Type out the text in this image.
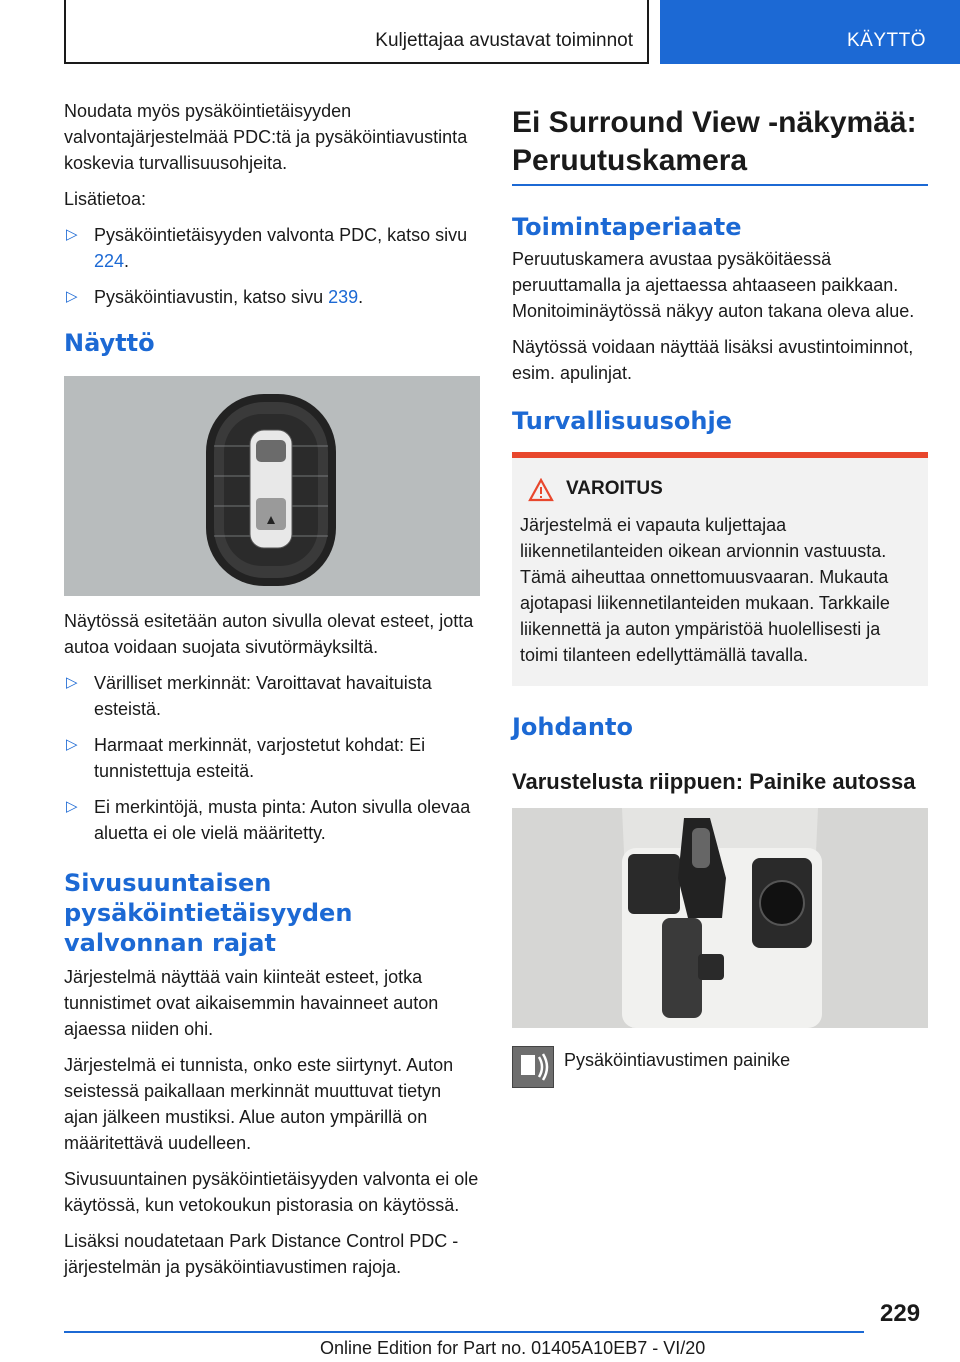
Kuljettajaa avustavat toiminnot	KÄYTTÖ

Noudata myös pysäköintietäisyyden valvontajärjestelmää PDC:tä ja pysäköintiavustinta koskevia turvallisuusohjeita.

Lisätietoa:

▷ Pysäköintietäisyyden valvonta PDC, katso sivu 224.
▷ Pysäköintiavustin, katso sivu 239.
Näyttö

Näytössä esitetään auton sivulla olevat esteet, jotta autoa voidaan suojata sivutörmäyksiltä.

▷ Värilliset merkinnät: Varoittavat havaituista esteistä.
▷ Harmaat merkinnät, varjostetut kohdat: Ei tunnistettuja esteitä.
▷ Ei merkintöjä, musta pinta: Auton sivulla olevaa aluetta ei ole vielä määritetty.
Sivusuuntaisen pysäköintietäisyyden valvonnan rajat

Järjestelmä näyttää vain kiinteät esteet, jotka tunnistimet ovat aikaisemmin havainneet auton ajaessa niiden ohi.

Järjestelmä ei tunnista, onko este siirtynyt. Auton seistessä paikallaan merkinnät muuttuvat tietyn ajan jälkeen mustiksi. Alue auton ympärillä on määritettävä uudelleen.

Sivusuuntainen pysäköintietäisyyden valvonta ei ole käytössä, kun vetokoukun pistorasia on käytössä.

Lisäksi noudatetaan Park Distance Control PDC -järjestelmän ja pysäköintiavustimen rajoja.

Ei Surround View -näkymää: Peruutuskamera
Toimintaperiaate

Peruutuskamera avustaa pysäköitäessä peruuttamalla ja ajettaessa ahtaaseen paikkaan. Monitoiminäytössä näkyy auton takana oleva alue.

Näytössä voidaan näyttää lisäksi avustintoiminnot, esim. apulinjat.

Turvallisuusohje
VAROITUS

Järjestelmä ei vapauta kuljettajaa liikennetilanteiden oikean arvionnin vastuusta. Tämä aiheuttaa onnettomuusvaaran. Mukauta ajotapasi liikennetilanteiden mukaan. Tarkkaile liikennettä ja auton ympäristöä huolellisesti ja toimi tilanteen edellyttämällä tavalla.

Johdanto
Varustelusta riippuen: Painike autossa
Pysäköintiavustimen painike
229
Online Edition for Part no. 01405A10EB7 - VI/20
